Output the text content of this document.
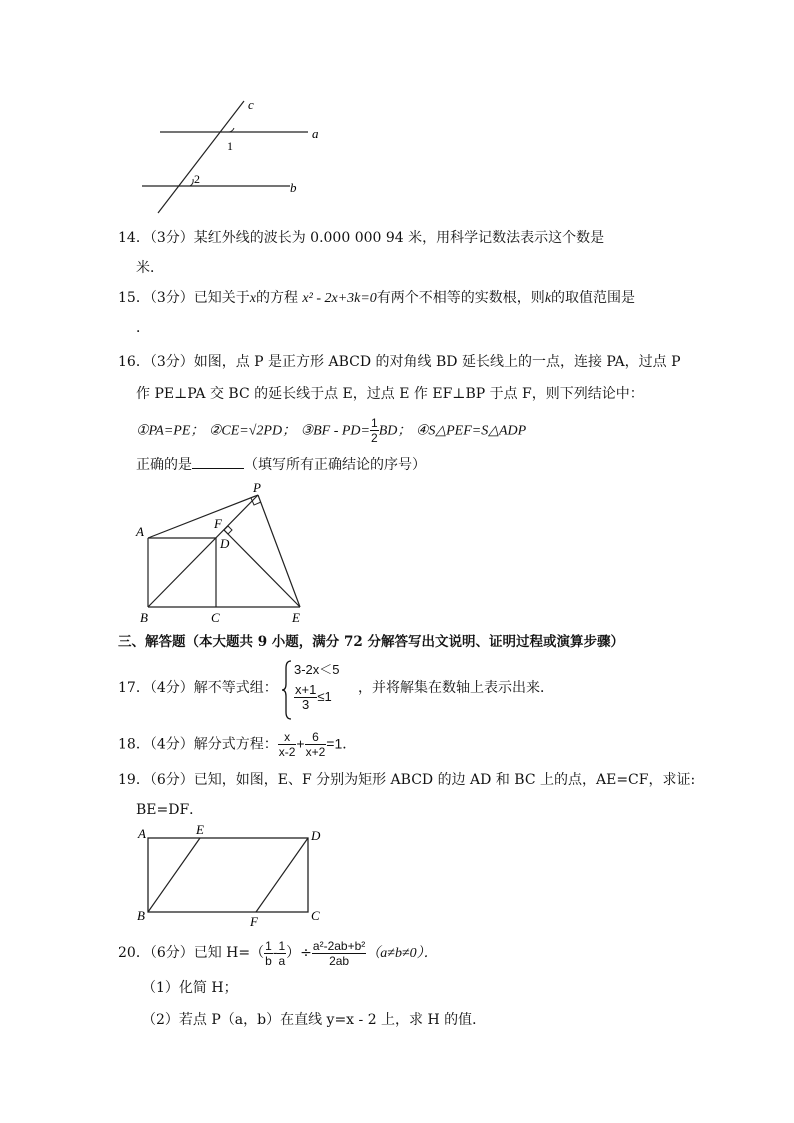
c
a
1
2
b
14．（3分）某红外线的波长为 0.000 000 94 米，用科学记数法表示这个数是
米．
15．（3分）已知关于x的方程 x² - 2x+3k=0有两个不相等的实数根，则k的取值范围是
．
16．（3分）如图，点 P 是正方形 ABCD 的对角线 BD 延长线上的一点，连接 PA，过点 P
作 PE⊥PA 交 BC 的延长线于点 E，过点 E 作 EF⊥BP 于点 F，则下列结论中：
①PA=PE； ②CE=√2PD； ③BF - $PD= \frac{1}{2}$ BD； ④S△PEF=S△ADP
正确的是	（填写所有正确结论的序号）
P
A
F
D
B	C	E
三、解答题（本大题共 9 小题，满分 72 分解答写出文说明、证明过程或演算步骤）
17．（4分）解不等式组：
3-2x＜5
$\frac{x+1}{3} \le 1$
，并将解集在数轴上表示出来．
18．（4分）解分式方程： $\frac{x}{x-2} + \frac{6}{x+2} =1$．
19．（6分）已知，如图，E、F 分别为矩形 ABCD 的边 AD 和 BC 上的点，AE=CF，求证:
BE=DF．
A	E	D
B	F	C
20．（6分）已知 $H=( \frac{1}{b} - \frac{1}{a}$ ）÷ $\frac{\text{a²-2ab+b²}}{2ab} (a\ne b\ne 0)$．
（1）化简 H；
（2）若点 P（a，b）在直线 y=x - 2 上，求 H 的值．
